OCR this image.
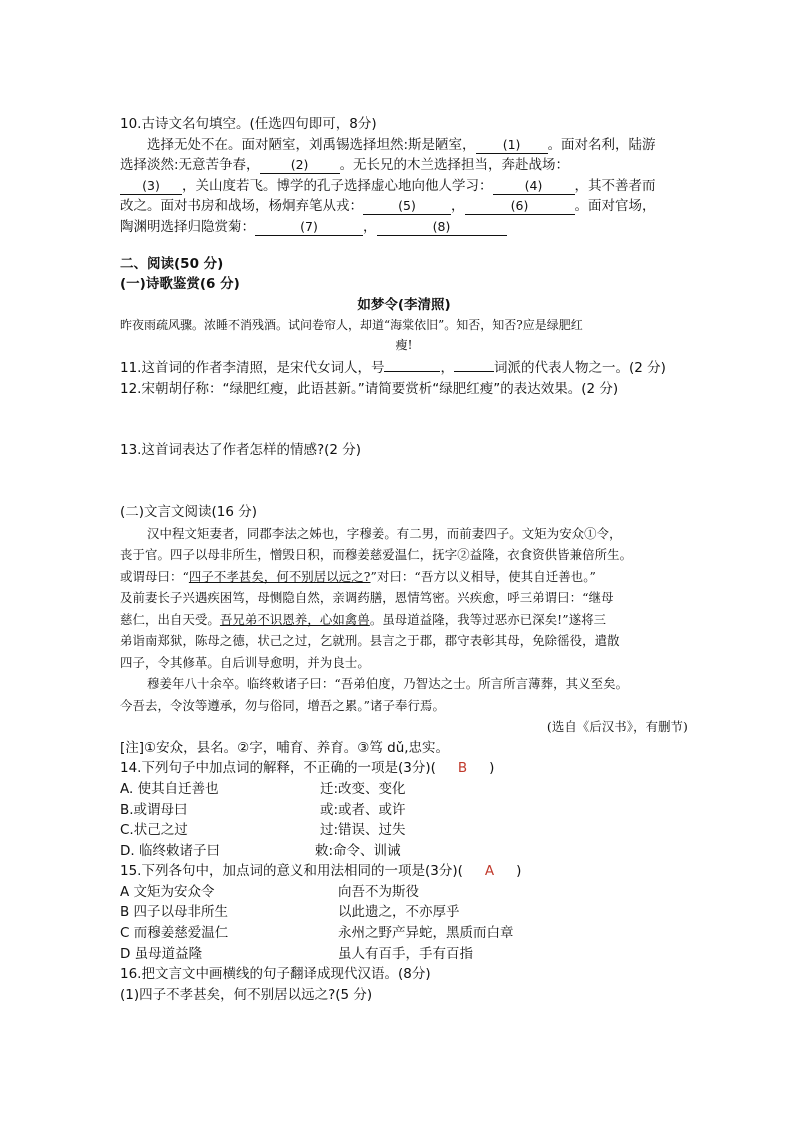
10.古诗文名句填空。(任选四句即可，8分)
选择无处不在。面对陋室，刘禹锡选择坦然:斯是陋室， (1) 。面对名利，陆游
选择淡然:无意苦争春， (2) 。无长兄的木兰选择担当，奔赴战场：
(3) ，关山度若飞。博学的孔子选择虚心地向他人学习：	(4) ，其不善者而
改之。面对书房和战场，杨炯弃笔从戎：	(5)	，	(6)	。面对官场，
陶渊明选择归隐赏菊：	(7)	，	(8)
二、阅读(50 分)
(一)诗歌鉴赏(6 分)
如梦令(李清照)
昨夜雨疏风骤。浓睡不消残酒。试问卷帘人，却道“海棠依旧”。知否，知否?应是绿肥红
瘦!
11.这首词的作者李清照，是宋代女词人，号	，	词派的代表人物之一。(2 分)
12.宋朝胡仔称：“绿肥红瘦，此语甚新。”请简要赏析“绿肥红瘦”的表达效果。(2 分)
13.这首词表达了作者怎样的情感?(2 分)
(二)文言文阅读(16 分)
汉中程文矩妻者，同郡李法之姊也，字穆姜。有二男，而前妻四子。文矩为安众①令，
丧于官。四子以母非所生，憎毁日积，而穆姜慈爱温仁，抚字②益隆，衣食资供皆兼倍所生。
或谓母曰：“四子不孝甚矣，何不别居以远之?”对曰：“吾方以义相导，使其自迁善也。”
及前妻长子兴遇疾困笃，母恻隐自然，亲调药膳，恩情笃密。兴疾愈，呼三弟谓曰：“继母
慈仁，出自天受。吾兄弟不识恩养，心如禽兽。虽母道益隆，我等过恶亦已深矣!”遂将三
弟诣南郑狱，陈母之德，状己之过，乞就刑。县言之于郡，郡守表彰其母，免除徭役，遣散
四子，令其修革。自后训导愈明，并为良士。
穆姜年八十余卒。临终敕诸子曰：“吾弟伯度，乃智达之士。所言所言薄葬，其义至矣。
今吾去，令汝等遵承，勿与俗同，增吾之累。”诸子奉行焉。
(选自《后汉书》，有删节)
[注]①安众，县名。②字，哺育、养育。③笃 dǔ,忠实。
14.下列句子中加点词的解释，不正确的一项是(3分)( B )
A. 使其自迁善也	迁:改变、变化
B.或谓母曰	或:或者、或许
C.状己之过	过:错误、过失
D. 临终敕诸子曰	敕:命令、训诫
15.下列各句中，加点词的意义和用法相同的一项是(3分)( A )
A 文矩为安众令	向吾不为斯役
B 四子以母非所生	以此遗之，不亦厚乎
C 而穆姜慈爱温仁	永州之野产异蛇，黑质而白章
D 虽母道益隆	虽人有百手，手有百指
16.把文言文中画横线的句子翻译成现代汉语。(8分)
(1)四子不孝甚矣，何不别居以远之?(5 分)
